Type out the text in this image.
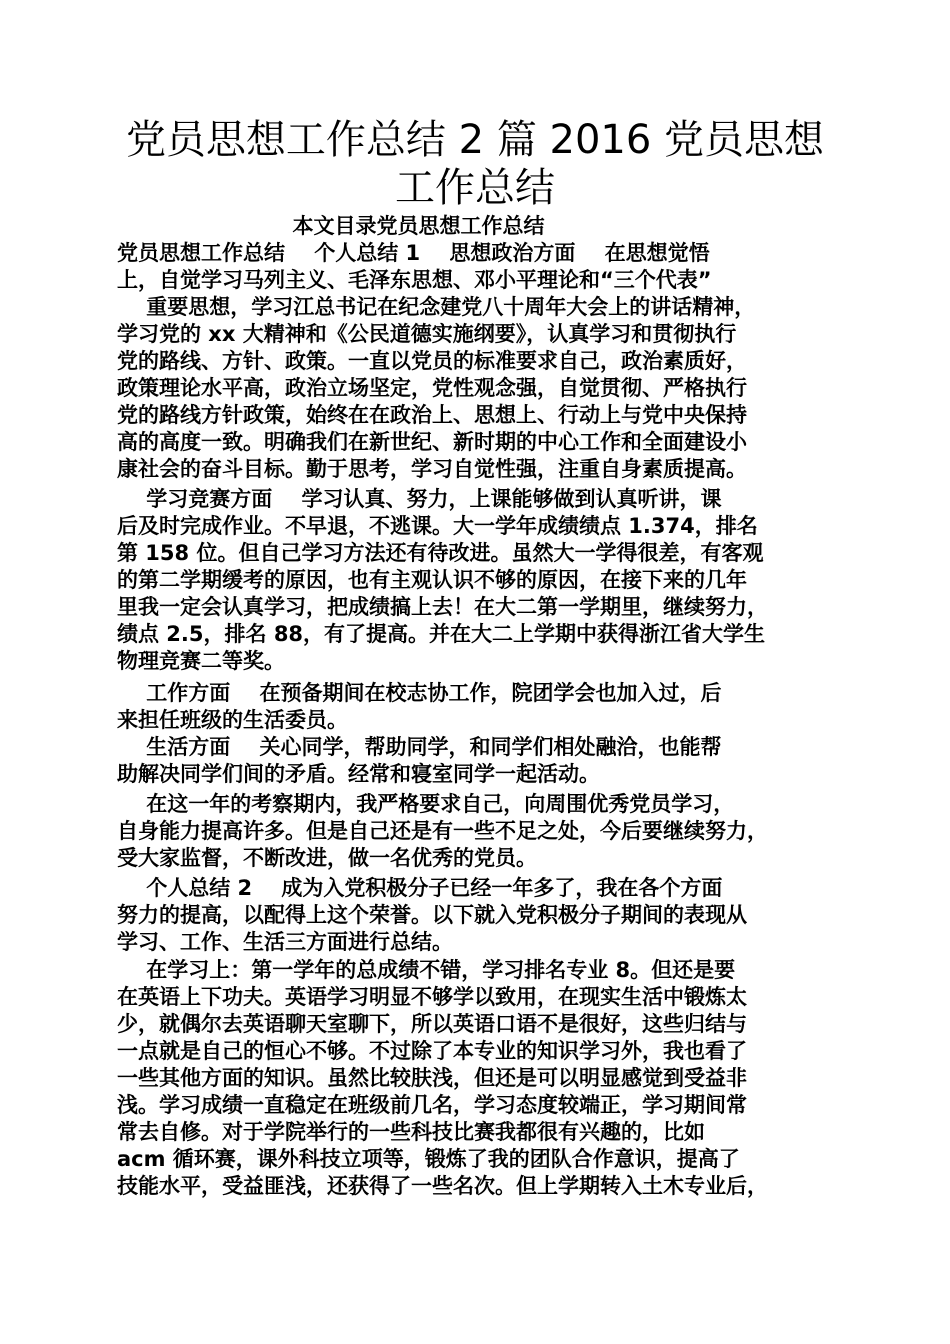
党员思想工作总结 2 篇 2016 党员思想
工作总结
本文目录党员思想工作总结
党员思想工作总结    个人总结 1    思想政治方面    在思想觉悟
上，自觉学习马列主义、毛泽东思想、邓小平理论和“三个代表”
重要思想，学习江总书记在纪念建党八十周年大会上的讲话精神，
学习党的 xx 大精神和《公民道德实施纲要》，认真学习和贯彻执行
党的路线、方针、政策。一直以党员的标准要求自己，政治素质好，
政策理论水平高，政治立场坚定，党性观念强，自觉贯彻、严格执行
党的路线方针政策，始终在在政治上、思想上、行动上与党中央保持
高的高度一致。明确我们在新世纪、新时期的中心工作和全面建设小
康社会的奋斗目标。勤于思考，学习自觉性强，注重自身素质提高。
学习竞赛方面    学习认真、努力，上课能够做到认真听讲，课
后及时完成作业。不早退，不逃课。大一学年成绩绩点 1.374，排名
第 158 位。但自己学习方法还有待改进。虽然大一学得很差，有客观
的第二学期缓考的原因，也有主观认识不够的原因，在接下来的几年
里我一定会认真学习，把成绩搞上去！在大二第一学期里，继续努力，
绩点 2.5，排名 88，有了提高。并在大二上学期中获得浙江省大学生
物理竞赛二等奖。
工作方面    在预备期间在校志协工作，院团学会也加入过，后
来担任班级的生活委员。
生活方面    关心同学，帮助同学，和同学们相处融洽，也能帮
助解决同学们间的矛盾。经常和寝室同学一起活动。
在这一年的考察期内，我严格要求自己，向周围优秀党员学习，
自身能力提高许多。但是自己还是有一些不足之处，今后要继续努力，
受大家监督，不断改进，做一名优秀的党员。
个人总结 2    成为入党积极分子已经一年多了，我在各个方面
努力的提高，以配得上这个荣誉。以下就入党积极分子期间的表现从
学习、工作、生活三方面进行总结。
在学习上：第一学年的总成绩不错，学习排名专业 8。但还是要
在英语上下功夫。英语学习明显不够学以致用，在现实生活中锻炼太
少，就偶尔去英语聊天室聊下，所以英语口语不是很好，这些归结与
一点就是自己的恒心不够。不过除了本专业的知识学习外，我也看了
一些其他方面的知识。虽然比较肤浅，但还是可以明显感觉到受益非
浅。学习成绩一直稳定在班级前几名，学习态度较端正，学习期间常
常去自修。对于学院举行的一些科技比赛我都很有兴趣的，比如
acm 循环赛，课外科技立项等，锻炼了我的团队合作意识，提高了
技能水平，受益匪浅，还获得了一些名次。但上学期转入土木专业后，
